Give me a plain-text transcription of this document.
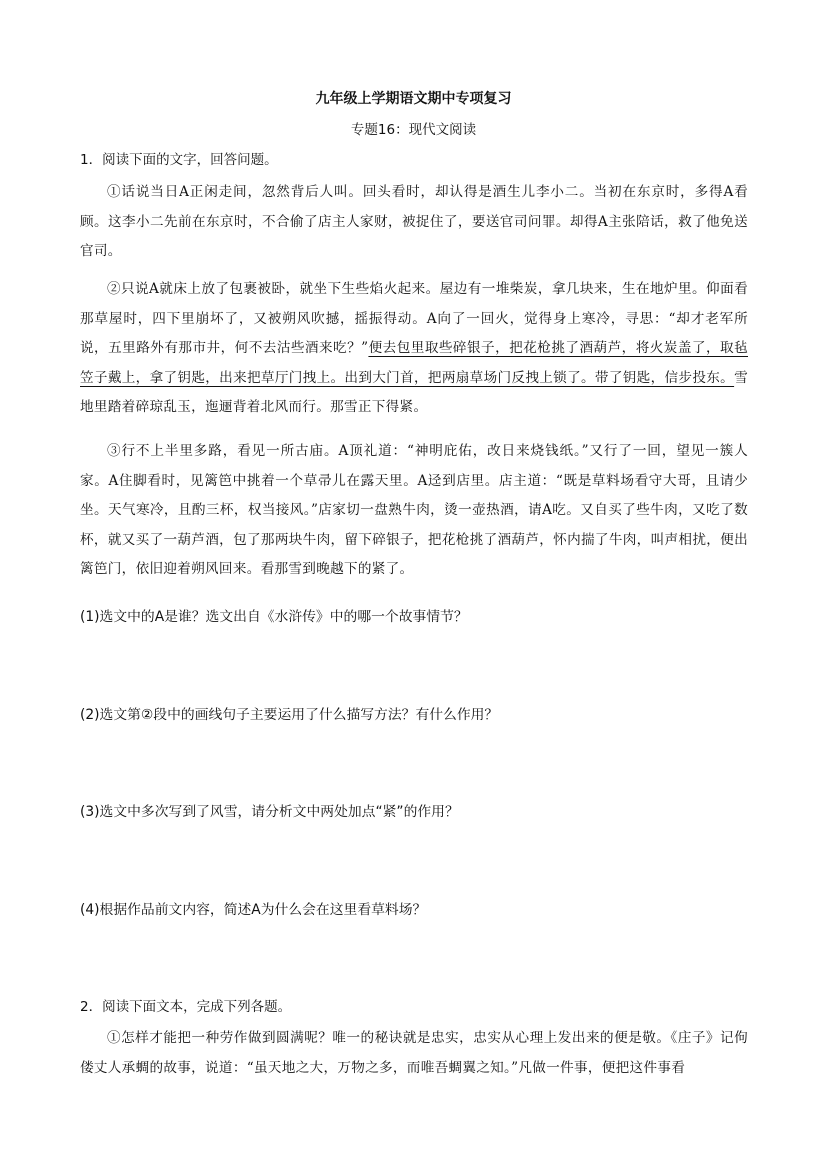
九年级上学期语文期中专项复习
专题16：现代文阅读
1．阅读下面的文字，回答问题。
①话说当日A正闲走间，忽然背后人叫。回头看时，却认得是酒生儿李小二。当初在东京时，多得A看顾。这李小二先前在东京时，不合偷了店主人家财，被捉住了，要送官司问罪。却得A主张陪话，救了他免送官司。
②只说A就床上放了包裹被卧，就坐下生些焰火起来。屋边有一堆柴炭，拿几块来，生在地炉里。仰面看那草屋时，四下里崩坏了，又被朔风吹撼，摇振得动。A向了一回火，觉得身上寒冷，寻思：“却才老军所说，五里路外有那市井，何不去沽些酒来吃？”便去包里取些碎银子，把花枪挑了酒葫芦，将火炭盖了，取毡笠子戴上，拿了钥匙，出来把草厅门拽上。出到大门首，把两扇草场门反拽上锁了。带了钥匙，信步投东。雪地里踏着碎琼乱玉，迤逦背着北风而行。那雪正下得紧。
③行不上半里多路，看见一所古庙。A顶礼道：“神明庇佑，改日来烧钱纸。”又行了一回，望见一簇人家。A住脚看时，见篱笆中挑着一个草帚儿在露天里。A迳到店里。店主道：“既是草料场看守大哥，且请少坐。天气寒冷，且酌三杯，权当接风。”店家切一盘熟牛肉，烫一壶热酒，请A吃。又自买了些牛肉，又吃了数杯，就又买了一葫芦酒，包了那两块牛肉，留下碎银子，把花枪挑了酒葫芦，怀内揣了牛肉，叫声相扰，便出篱笆门，依旧迎着朔风回来。看那雪到晚越下的紧了。
(1)选文中的A是谁？选文出自《水浒传》中的哪一个故事情节？
(2)选文第②段中的画线句子主要运用了什么描写方法？有什么作用？
(3)选文中多次写到了风雪，请分析文中两处加点“紧”的作用？
(4)根据作品前文内容，简述A为什么会在这里看草料场？
2．阅读下面文本，完成下列各题。
①怎样才能把一种劳作做到圆满呢？唯一的秘诀就是忠实，忠实从心理上发出来的便是敬。《庄子》记佝偻丈人承蜩的故事，说道：“虽天地之大，万物之多，而唯吾蜩翼之知。”凡做一件事，便把这件事看
